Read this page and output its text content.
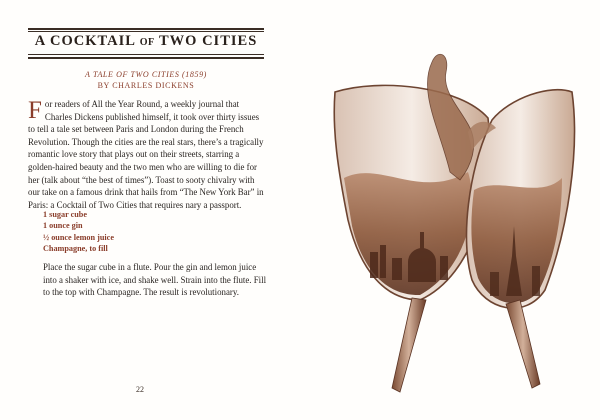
A COCKTAIL OF TWO CITIES
A TALE OF TWO CITIES (1859)
BY CHARLES DICKENS
For readers of All the Year Round, a weekly journal that Charles Dickens published himself, it took over thirty issues to tell a tale set between Paris and London during the French Revolution. Though the cities are the real stars, there’s a tragically romantic love story that plays out on their streets, starring a golden-haired beauty and the two men who are willing to die for her (talk about “the best of times”). Toast to sooty chivalry with our take on a famous drink that hails from “The New York Bar” in Paris: a Cocktail of Two Cities that requires nary a passport.
1 sugar cube
1 ounce gin
½ ounce lemon juice
Champagne, to fill
Place the sugar cube in a flute. Pour the gin and lemon juice into a shaker with ice, and shake well. Strain into the flute. Fill to the top with Champagne. The result is revolutionary.
22
